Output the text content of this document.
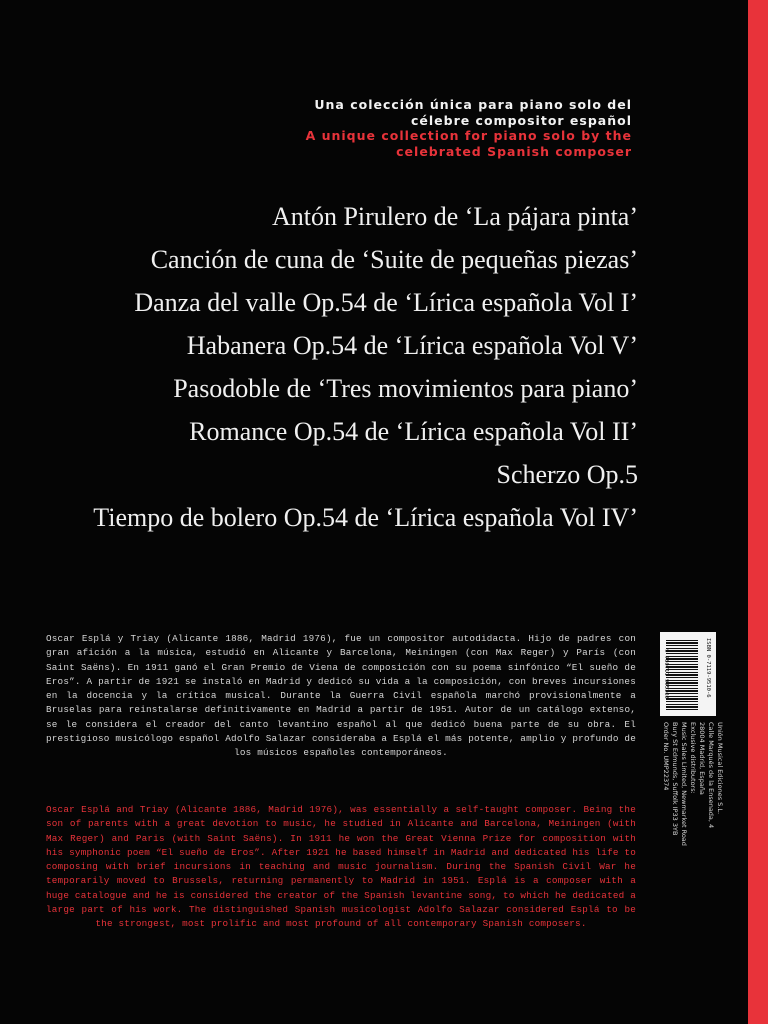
Una colección única para piano solo del
célebre compositor español
A unique collection for piano solo by the
celebrated Spanish composer
Antón Pirulero de ‘La pájara pinta’
Canción de cuna de ‘Suite de pequeñas piezas’
Danza del valle Op.54 de ‘Lírica española Vol I’
Habanera Op.54 de ‘Lírica española Vol V’
Pasodoble de ‘Tres movimientos para piano’
Romance Op.54 de ‘Lírica española Vol II’
Scherzo Op.5
Tiempo de bolero Op.54 de ‘Lírica española Vol IV’

Oscar Esplá y Triay (Alicante 1886, Madrid 1976), fue un compositor autodidacta. Hijo de padres con gran afición a la música, estudió en Alicante y Barcelona, Meiningen (con Max Reger) y París (con Saint Saëns). En 1911 ganó el Gran Premio de Viena de composición con su poema sinfónico “El sueño de Eros”. A partir de 1921 se instaló en Madrid y dedicó su vida a la composición, con breves incursiones en la docencia y la crítica musical. Durante la Guerra Civil española marchó provisionalmente a Bruselas para reinstalarse definitivamente en Madrid a partir de 1951. Autor de un catálogo extenso, se le considera el creador del canto levantino español al que dedicó buena parte de su obra. El prestigioso musicólogo español Adolfo Salazar consideraba a Esplá el más potente, amplio y profundo de los músicos españoles contemporáneos.

Oscar Esplá and Triay (Alicante 1886, Madrid 1976), was essentially a self-taught composer. Being the son of parents with a great devotion to music, he studied in Alicante and Barcelona, Meiningen (with Max Reger) and Paris (with Saint Saëns). In 1911 he won the Great Vienna Prize for composition with his symphonic poem “El sueño de Eros”. After 1921 he based himself in Madrid and dedicated his life to composing with brief incursions in teaching and music journalism. During the Spanish Civil War he temporarily moved to Brussels, returning permanently to Madrid in 1951. Esplá is a composer with a huge catalogue and he is considered the creator of the Spanish levantine song, to which he dedicated a large part of his work. The distinguished Spanish musicologist Adolfo Salazar considered Esplá to be the strongest, most prolific and most profound of all contemporary Spanish composers.

ISBN 0-7119-9510-6
9 780711 995103
Unión Musical Ediciones S.L.
Calle Marqués de la Ensenada, 4
28004 Madrid, España
Exclusive distributors:
Music Sales Limited, Newmarket Road
Bury St Edmunds, Suffolk IP33 3YB
Order No. UMP22374
